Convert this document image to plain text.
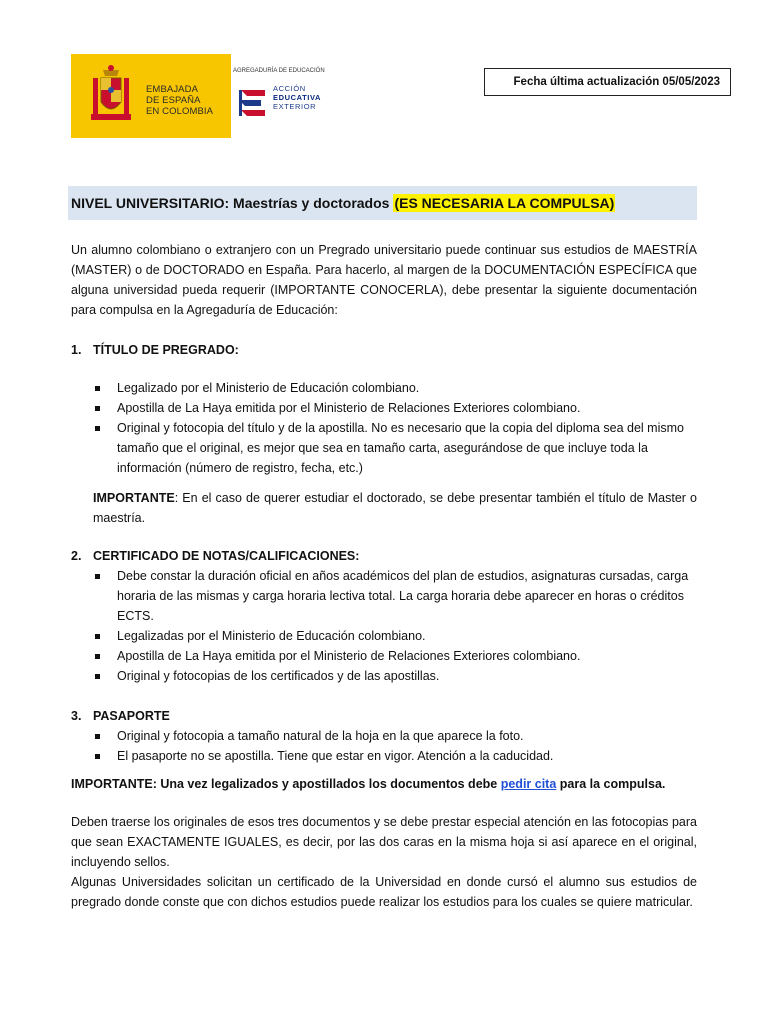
EMBAJADA
DE ESPAÑA
EN COLOMBIA
AGREGADURÍA DE EDUCACIÓN
ACCIÓN
EDUCATIVA
EXTERIOR
Fecha última actualización 05/05/2023
NIVEL UNIVERSITARIO: Maestrías y doctorados (ES NECESARIA LA COMPULSA)

Un alumno colombiano o extranjero con un Pregrado universitario puede continuar sus estudios de MAESTRÍA (MASTER) o de DOCTORADO en España. Para hacerlo, al margen de la DOCUMENTACIÓN ESPECÍFICA que alguna universidad pueda requerir (IMPORTANTE CONOCERLA), debe presentar la siguiente documentación para compulsa en la Agregaduría de Educación:

1. TÍTULO DE PREGRADO:
Legalizado por el Ministerio de Educación colombiano.
Apostilla de La Haya emitida por el Ministerio de Relaciones Exteriores colombiano.
Original y fotocopia del título y de la apostilla. No es necesario que la copia del diploma sea del mismo tamaño que el original, es mejor que sea en tamaño carta, asegurándose de que incluye toda la información (número de registro, fecha, etc.)

IMPORTANTE: En el caso de querer estudiar el doctorado, se debe presentar también el título de Master o maestría.

2. CERTIFICADO DE NOTAS/CALIFICACIONES:
Debe constar la duración oficial en años académicos del plan de estudios, asignaturas cursadas, carga horaria de las mismas y carga horaria lectiva total. La carga horaria debe aparecer en horas o créditos ECTS.
Legalizadas por el Ministerio de Educación colombiano.
Apostilla de La Haya emitida por el Ministerio de Relaciones Exteriores colombiano.
Original y fotocopias de los certificados y de las apostillas.
3. PASAPORTE
Original y fotocopia a tamaño natural de la hoja en la que aparece la foto.
El pasaporte no se apostilla. Tiene que estar en vigor. Atención a la caducidad.

IMPORTANTE: Una vez legalizados y apostillados los documentos debe pedir cita para la compulsa.

Deben traerse los originales de esos tres documentos y se debe prestar especial atención en las fotocopias para que sean EXACTAMENTE IGUALES, es decir, por las dos caras en la misma hoja si así aparece en el original, incluyendo sellos.

Algunas Universidades solicitan un certificado de la Universidad en donde cursó el alumno sus estudios de pregrado donde conste que con dichos estudios puede realizar los estudios para los cuales se quiere matricular.
